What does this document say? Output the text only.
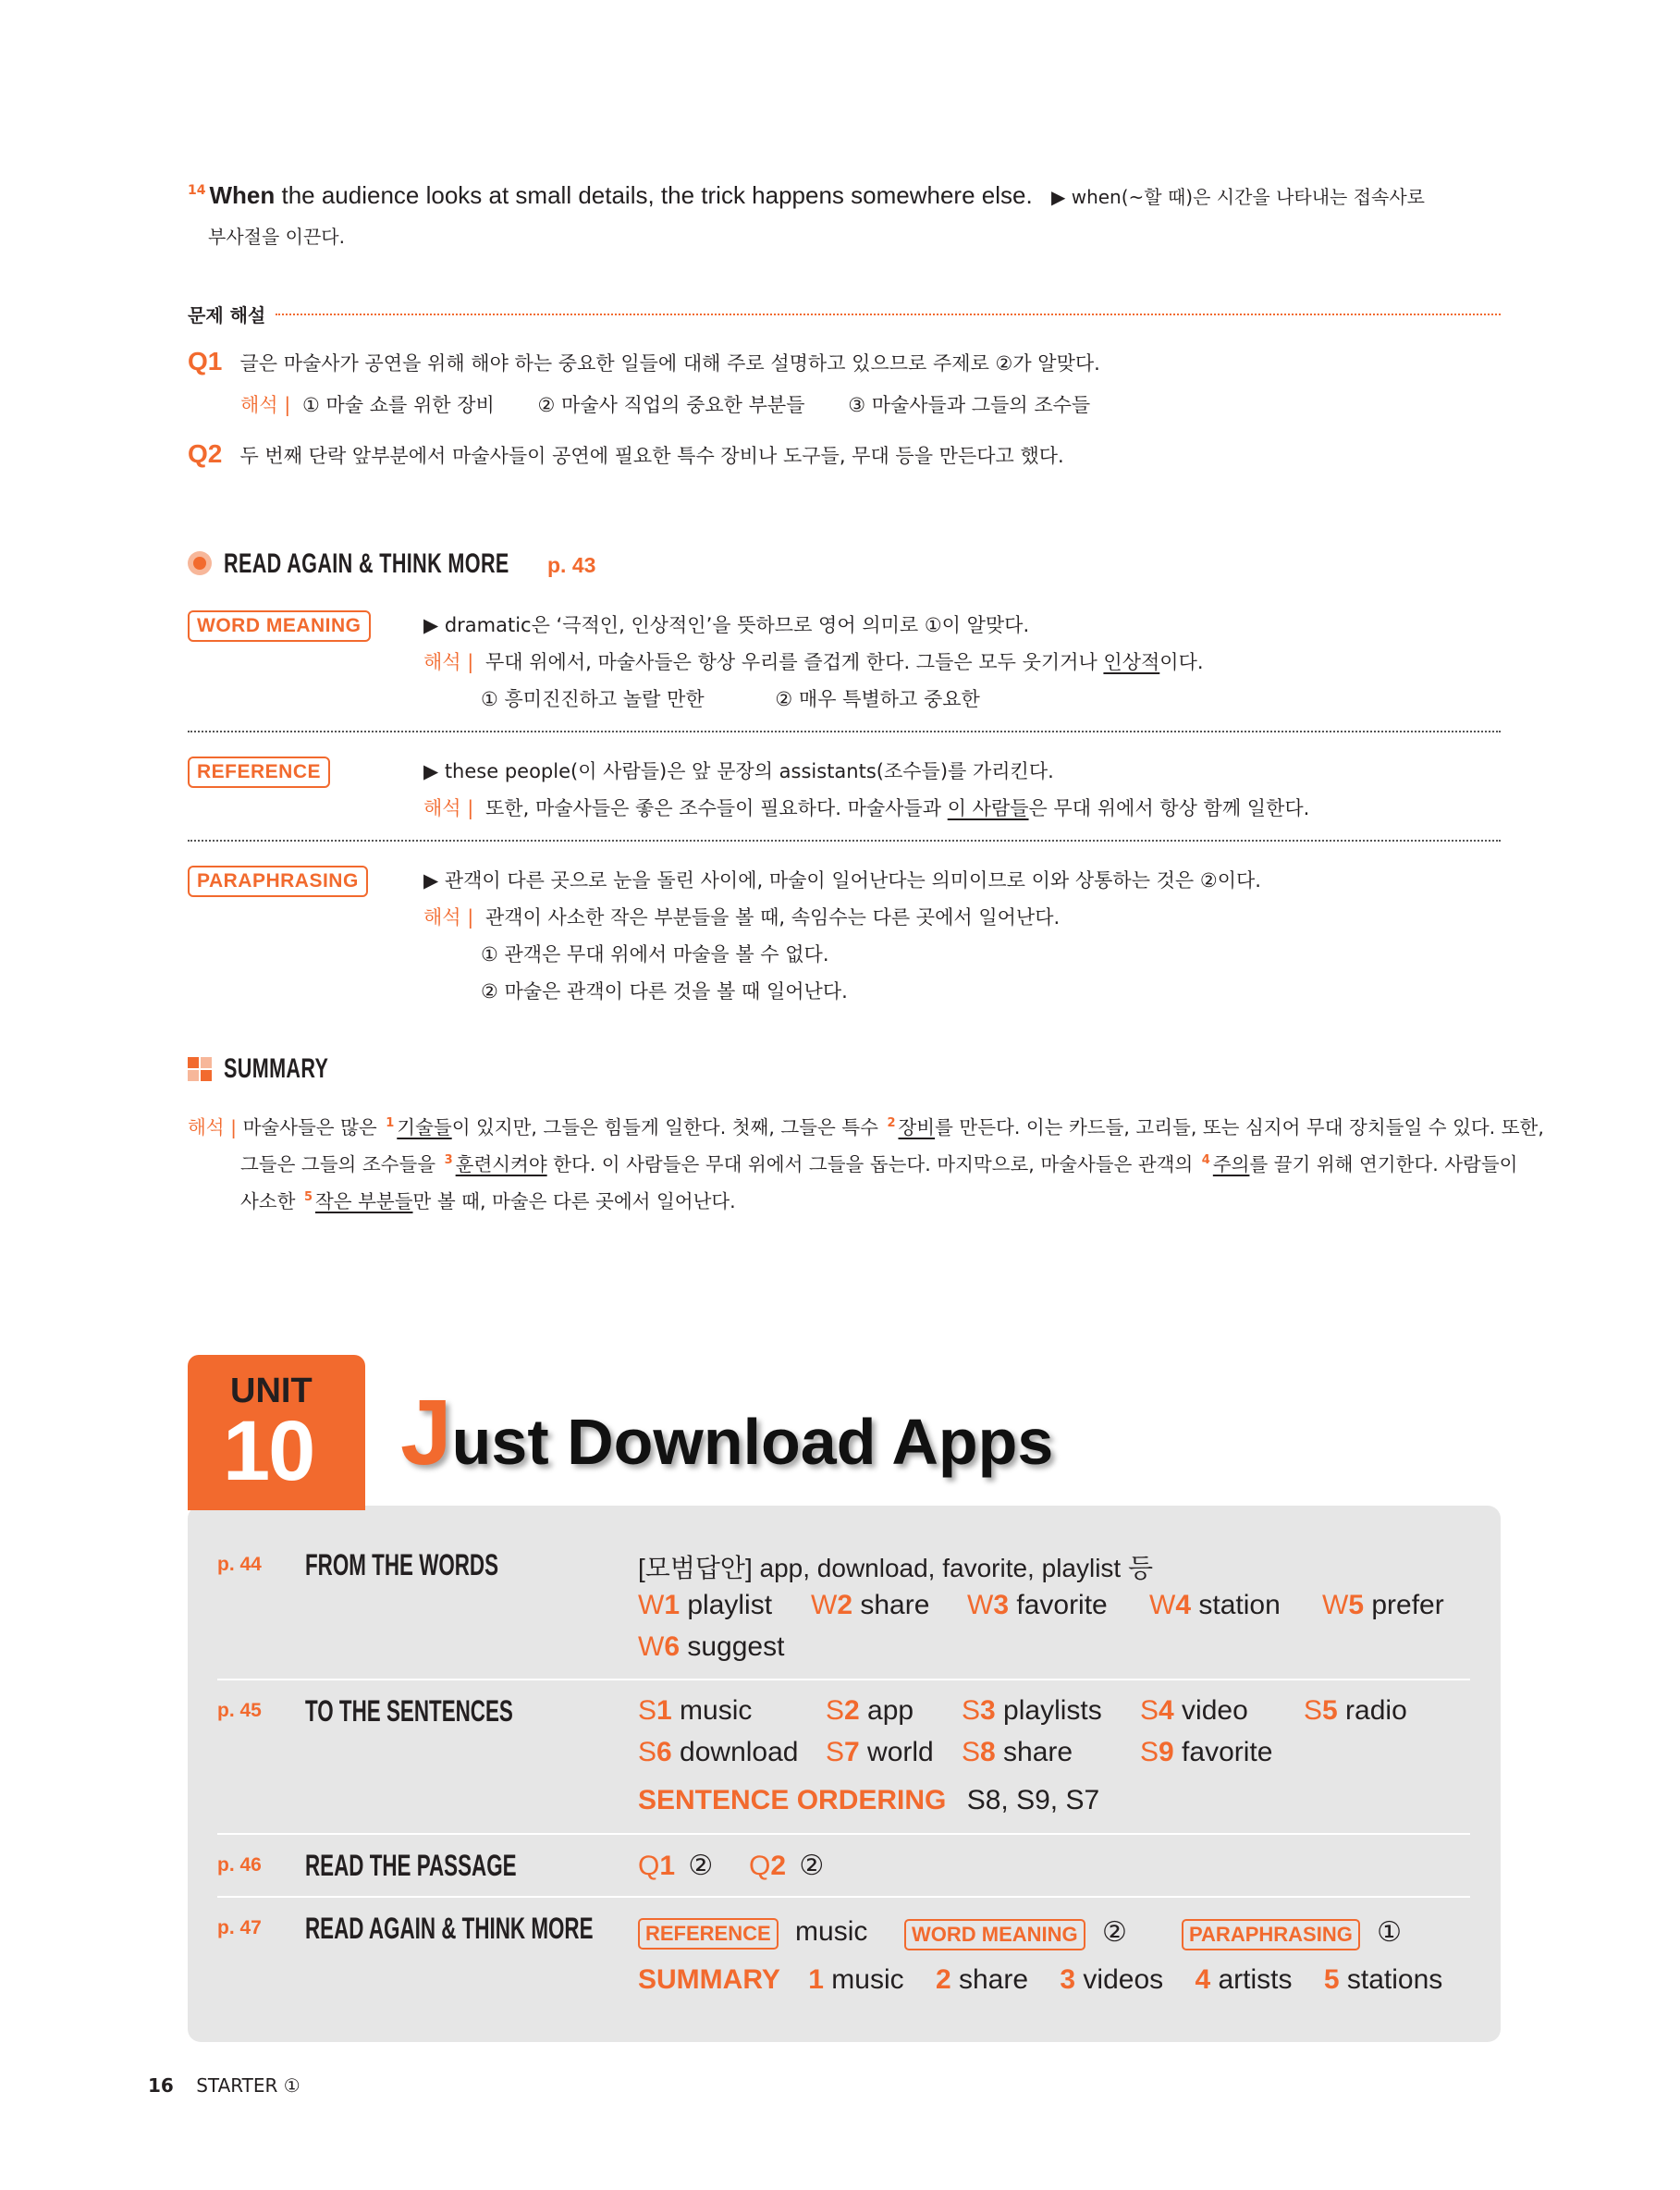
$^{14}$ When the audience looks at small details, the trick happens somewhere else. ▶ when(~할 때)은 시간을 나타내는 접속사로
부사절을 이끈다.
문제 해설
Q1 글은 마술사가 공연을 위해 해야 하는 중요한 일들에 대해 주로 설명하고 있으므로 주제로 ②가 알맞다.
해석 | ① 마술 쇼를 위한 장비 ② 마술사 직업의 중요한 부분들 ③ 마술사들과 그들의 조수들
Q2 두 번째 단락 앞부분에서 마술사들이 공연에 필요한 특수 장비나 도구들, 무대 등을 만든다고 했다.
READ AGAIN & THINK MORE p. 43
WORD MEANING	▶ dramatic은 ‘극적인, 인상적인’을 뜻하므로 영어 의미로 ①이 알맞다.
해석 | 무대 위에서, 마술사들은 항상 우리를 즐겁게 한다. 그들은 모두 웃기거나 인상적이다.
① 흥미진진하고 놀랄 만한	② 매우 특별하고 중요한
REFERENCE	▶ these people(이 사람들)은 앞 문장의 assistants(조수들)를 가리킨다.
해석 | 또한, 마술사들은 좋은 조수들이 필요하다. 마술사들과 이 사람들은 무대 위에서 항상 함께 일한다.
PARAPHRASING	▶ 관객이 다른 곳으로 눈을 돌린 사이에, 마술이 일어난다는 의미이므로 이와 상통하는 것은 ②이다.
해석 | 관객이 사소한 작은 부분들을 볼 때, 속임수는 다른 곳에서 일어난다.
① 관객은 무대 위에서 마술을 볼 수 없다.
② 마술은 관객이 다른 것을 볼 때 일어난다.
SUMMARY
해석 | 마술사들은 많은 $^1$ 기술들이 있지만, 그들은 힘들게 일한다. 첫째, 그들은 특수 $^2$ 장비를 만든다. 이는 카드들, 고리들, 또는 심지어 무대 장치들일 수 있다. 또한,
그들은 그들의 조수들을 $^3$ 훈련시켜야 한다. 이 사람들은 무대 위에서 그들을 돕는다. 마지막으로, 마술사들은 관객의 $^4$ 주의를 끌기 위해 연기한다. 사람들이
사소한 $^5$ 작은 부분들만 볼 때, 마술은 다른 곳에서 일어난다.
UNIT
10 Just Download Apps
p. 44 FROM THE WORDS	[모범답안] app, download, favorite, playlist 등
W1 playlist W2 share W3 favorite W4 station W5 prefer
W6 suggest
p. 45 TO THE SENTENCES	S1 music	S2 app S3 playlists S4 video S5 radio
S6 download S7 world S8 share S9 favorite
SENTENCE ORDERING S8, S9, S7
p. 46 READ THE PASSAGE	Q1 ② Q2 ②
p. 47 READ AGAIN & THINK MORE	REFERENCE music	WORD MEANING ②	PARAPHRASING ①
SUMMARY 1 music 2 share 3 videos 4 artists 5 stations
16 STARTER ①
